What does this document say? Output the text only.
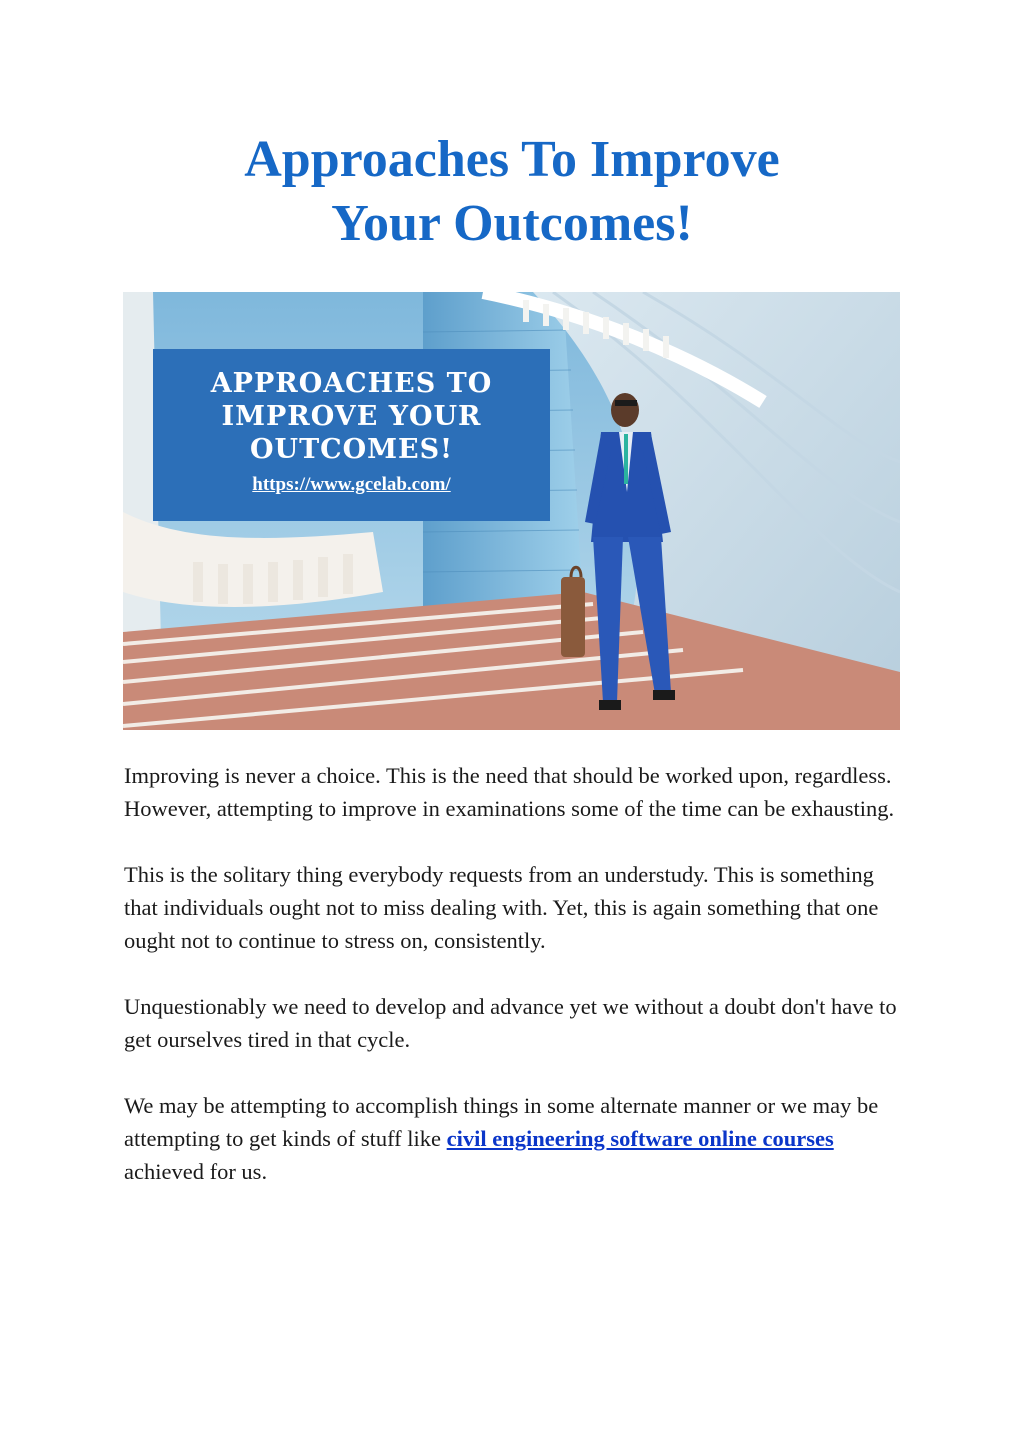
Approaches To Improve
Your Outcomes!
APPROACHES TO
IMPROVE YOUR
OUTCOMES!
https://www.gcelab.com/

Improving is never a choice. This is the need that should be worked upon, regardless. However, attempting to improve in examinations some of the time can be exhausting.

This is the solitary thing everybody requests from an understudy. This is something that individuals ought not to miss dealing with. Yet, this is again something that one ought not to continue to stress on, consistently.

Unquestionably we need to develop and advance yet we without a doubt don't have to get ourselves tired in that cycle.

We may be attempting to accomplish things in some alternate manner or we may be attempting to get kinds of stuff like civil engineering software online courses achieved for us.
